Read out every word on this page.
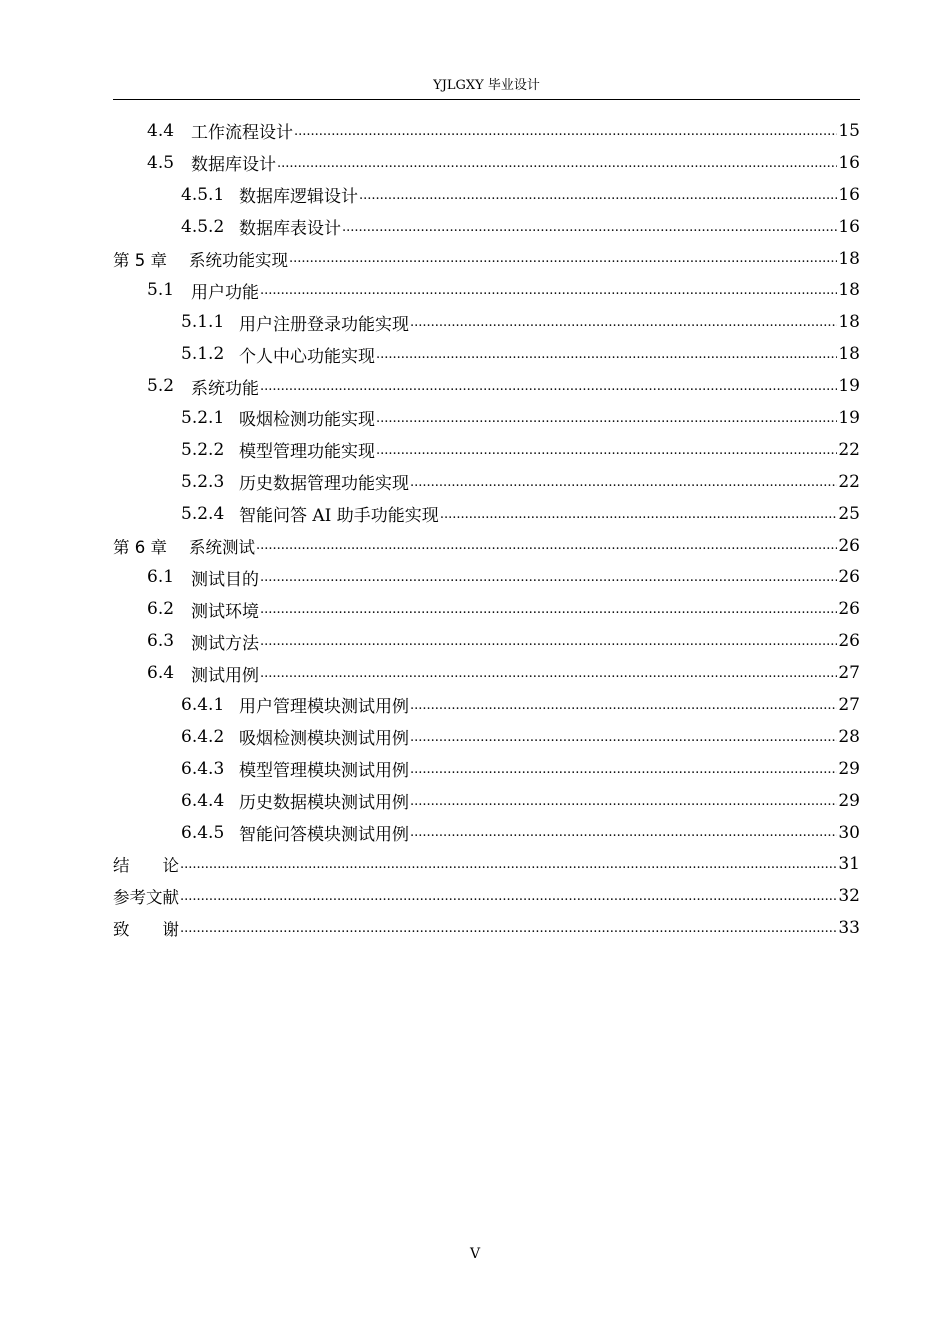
YJLGXY 毕业设计
4.4 工作流程设计 .....	15
4.5 数据库设计 .....	16
4.5.1 数据库逻辑设计 .....	16
4.5.2 数据库表设计 .....	16
第 5 章	系统功能实现 .....	18
5.1 用户功能 .....	18
5.1.1 用户注册登录功能实现 .....	18
5.1.2 个人中心功能实现 .....	18
5.2 系统功能 .....	19
5.2.1 吸烟检测功能实现 .....	19
5.2.2 模型管理功能实现 .....	22
5.2.3 历史数据管理功能实现 .....	22
5.2.4 智能问答 AI 助手功能实现 .....	25
第 6 章	系统测试 .....	26
6.1 测试目的 .....	26
6.2 测试环境 .....	26
6.3 测试方法 .....	26
6.4 测试用例 .....	27
6.4.1 用户管理模块测试用例 .....	27
6.4.2 吸烟检测模块测试用例 .....	28
6.4.3 模型管理模块测试用例 .....	29
6.4.4 历史数据模块测试用例 .....	29
6.4.5 智能问答模块测试用例 .....	30
结　　论 .....	31
参考文献 .....	32
致　　谢 .....	33
V
